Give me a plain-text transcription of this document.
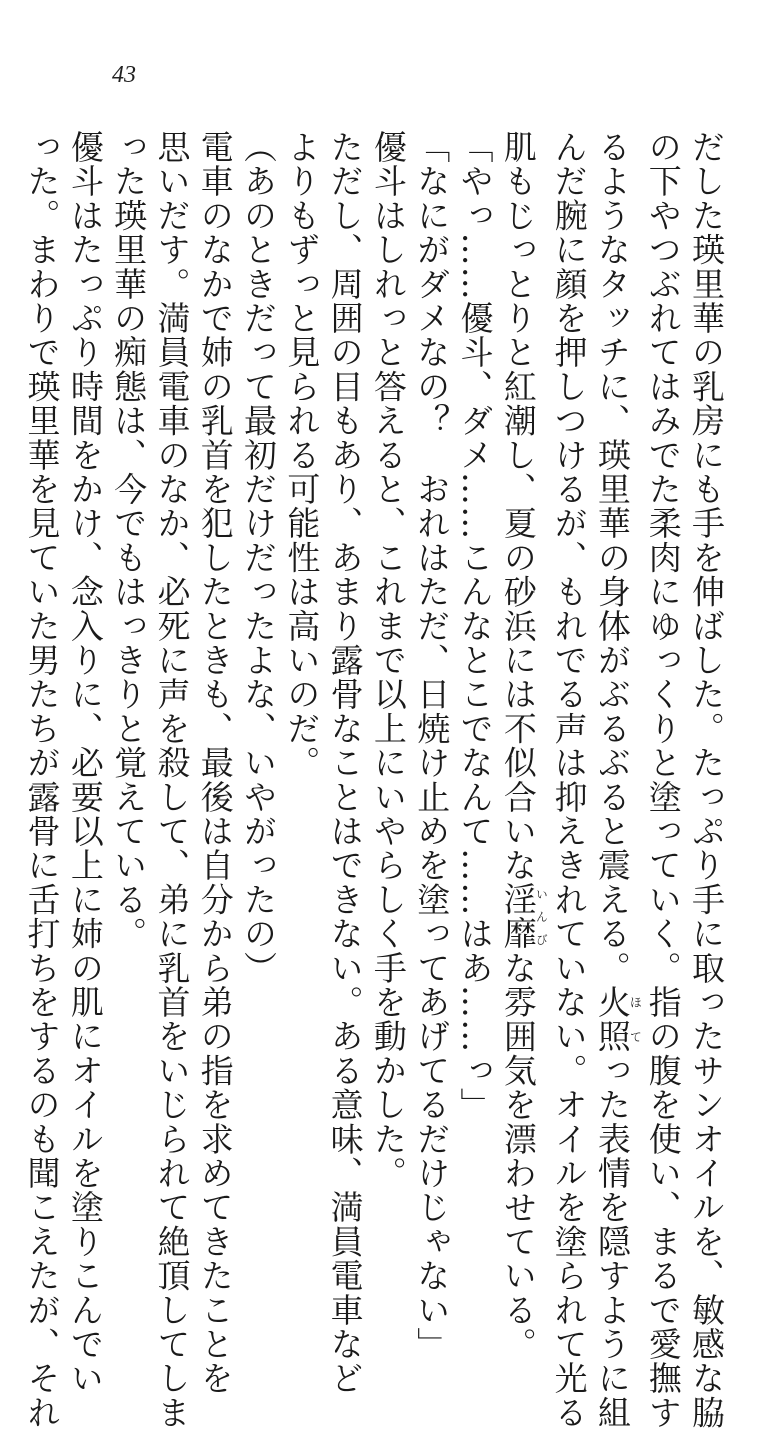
43
だした瑛里華の乳房にも手を伸ばした。たっぷり手に取ったサンオイルを、敏感な脇
の下やつぶれてはみでた柔肉にゆっくりと塗っていく。指の腹を使い、まるで愛撫す
るようなタッチに、瑛里華の身体がぶるぶると震える。火照ほてった表情を隠すように組
んだ腕に顔を押しつけるが、もれでる声は抑えきれていない。オイルを塗られて光る
肌もじっとりと紅潮し、夏の砂浜には不似合いな淫靡いんびな雰囲気を漂わせている。
「やっ……優斗、ダメ……こんなとこでなんて……はあ……っ」
「なにがダメなの？　おれはただ、日焼け止めを塗ってあげてるだけじゃない」
優斗はしれっと答えると、これまで以上にいやらしく手を動かした。
ただし、周囲の目もあり、あまり露骨なことはできない。ある意味、満員電車など
よりもずっと見られる可能性は高いのだ。
（あのときだって最初だけだったよな、いやがったの）
電車のなかで姉の乳首を犯したときも、最後は自分から弟の指を求めてきたことを
思いだす。満員電車のなか、必死に声を殺して、弟に乳首をいじられて絶頂してしま
った瑛里華の痴態は、今でもはっきりと覚えている。
優斗はたっぷり時間をかけ、念入りに、必要以上に姉の肌にオイルを塗りこんでい
った。まわりで瑛里華を見ていた男たちが露骨に舌打ちをするのも聞こえたが、それ
